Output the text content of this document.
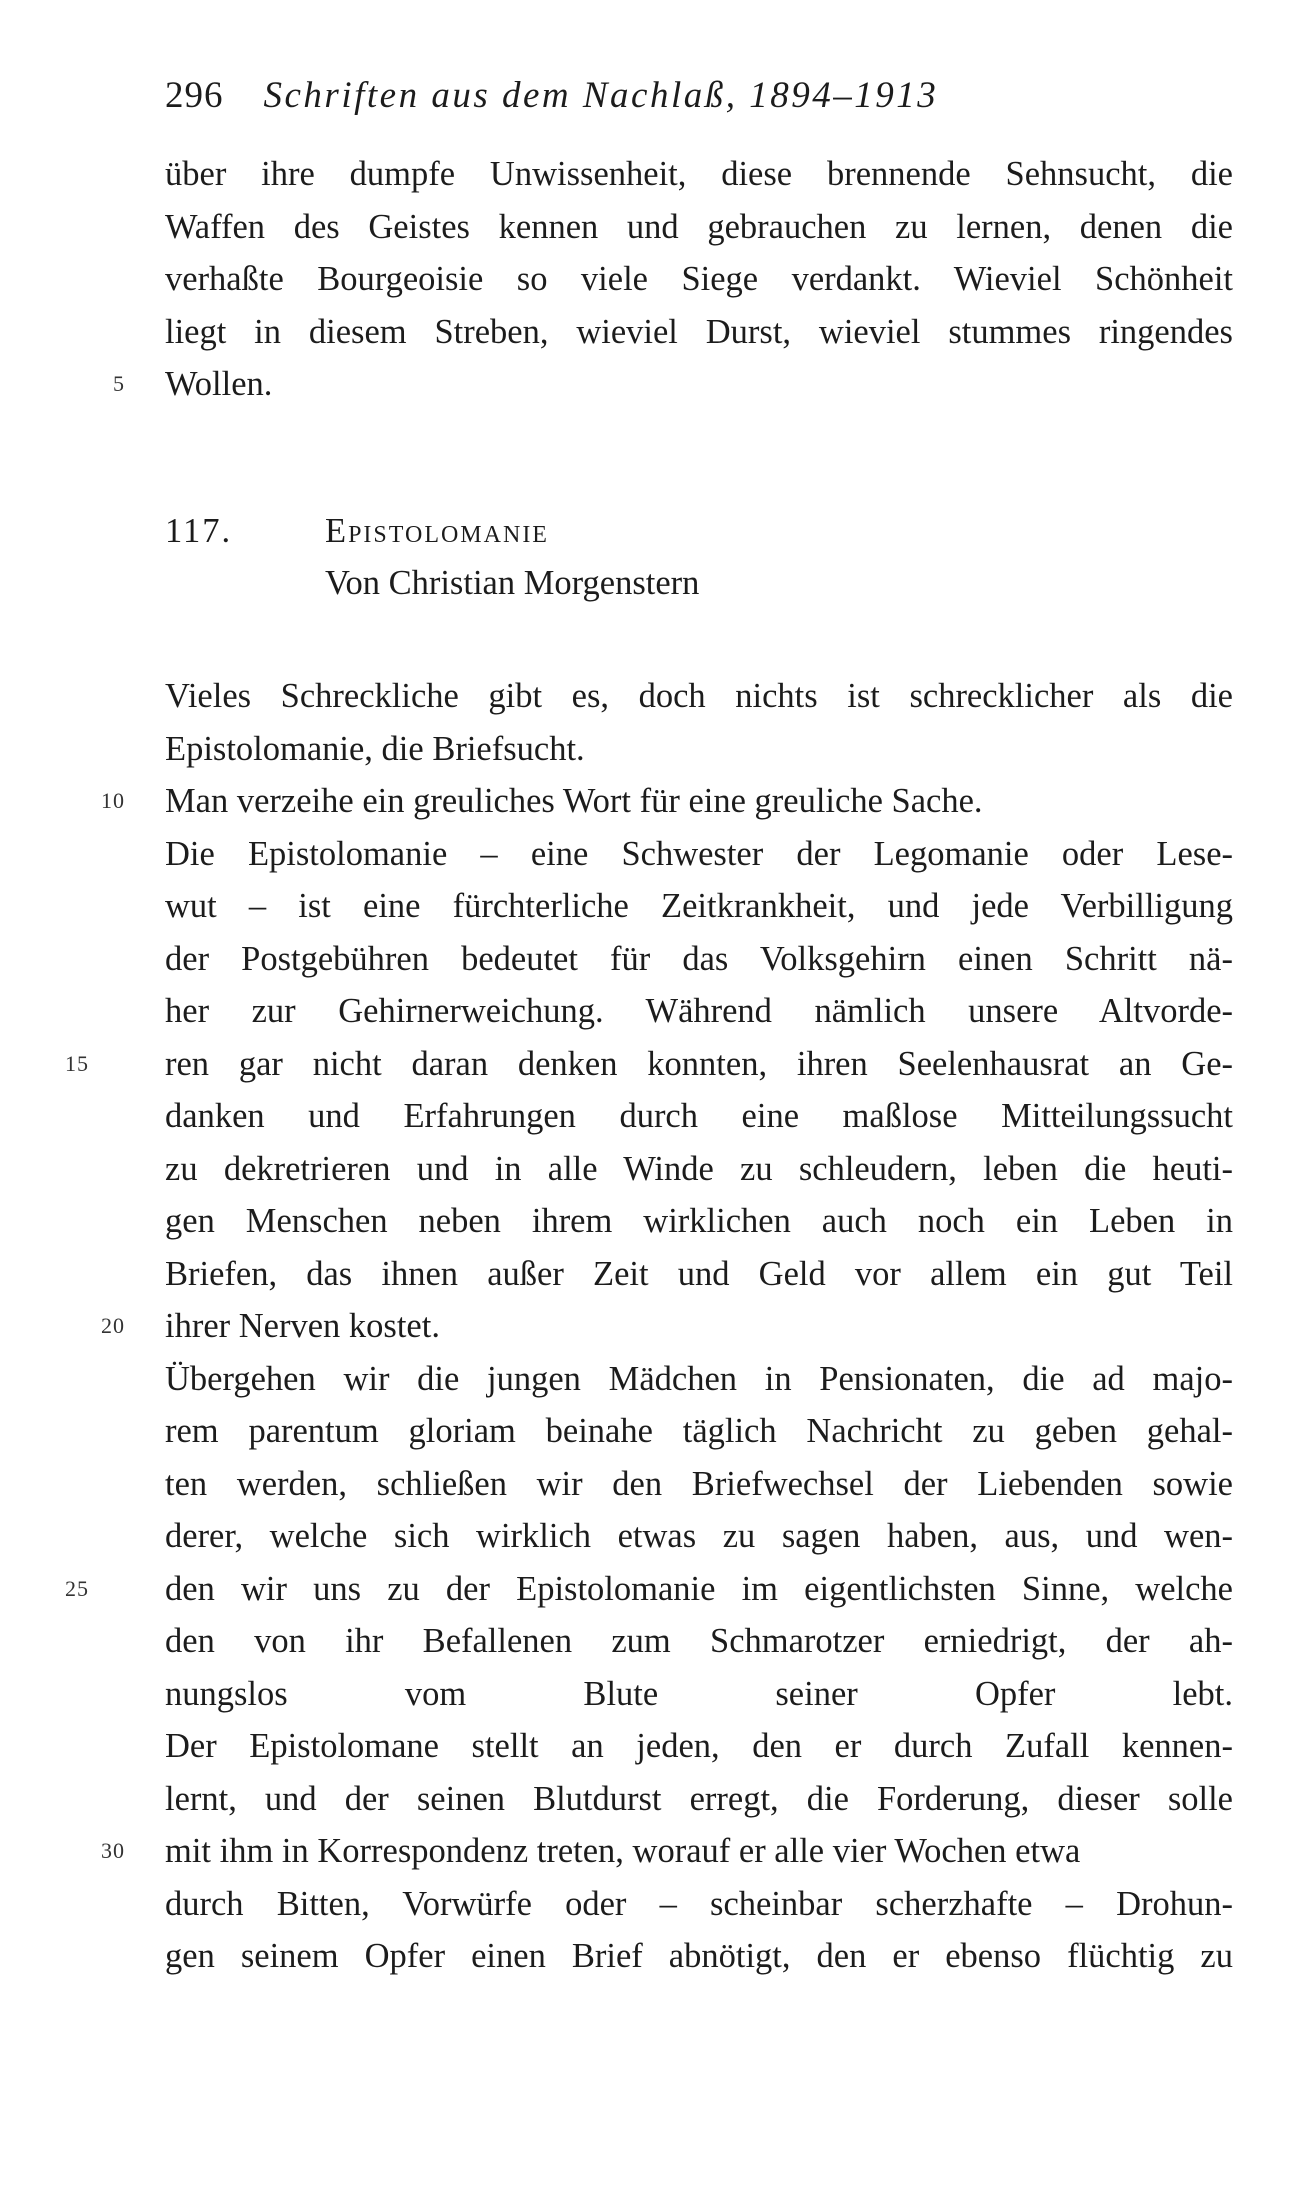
296 Schriften aus dem Nachlaß, 1894–1913
über ihre dumpfe Unwissenheit, diese brennende Sehnsucht, die
Waffen des Geistes kennen und gebrauchen zu lernen, denen die
verhaßte Bourgeoisie so viele Siege verdankt. Wieviel Schönheit
liegt in diesem Streben, wieviel Durst, wieviel stummes ringendes
5 Wollen.
117.	Epistolomanie
Von Christian Morgenstern
Vieles Schreckliche gibt es, doch nichts ist schrecklicher als die
Epistolomanie, die Briefsucht.
10 Man verzeihe ein greuliches Wort für eine greuliche Sache.
Die Epistolomanie – eine Schwester der Legomanie oder Lese-
wut – ist eine fürchterliche Zeitkrankheit, und jede Verbilligung
der Postgebühren bedeutet für das Volksgehirn einen Schritt nä-
her zur Gehirnerweichung. Während nämlich unsere Altvorde-
15	ren gar nicht daran denken konnten, ihren Seelenhausrat an Ge-
danken und Erfahrungen durch eine maßlose Mitteilungssucht
zu dekretrieren und in alle Winde zu schleudern, leben die heuti-
gen Menschen neben ihrem wirklichen auch noch ein Leben in
Briefen, das ihnen außer Zeit und Geld vor allem ein gut Teil
20 ihrer Nerven kostet.
Übergehen wir die jungen Mädchen in Pensionaten, die ad majo-
rem parentum gloriam beinahe täglich Nachricht zu geben gehal-
ten werden, schließen wir den Briefwechsel der Liebenden sowie
derer, welche sich wirklich etwas zu sagen haben, aus, und wen-
25	den wir uns zu der Epistolomanie im eigentlichsten Sinne, welche
den von ihr Befallenen zum Schmarotzer erniedrigt, der ah-
nungslos vom Blute seiner Opfer lebt.
Der Epistolomane stellt an jeden, den er durch Zufall kennen-
lernt, und der seinen Blutdurst erregt, die Forderung, dieser solle
30 mit ihm in Korrespondenz treten, worauf er alle vier Wochen etwa
durch Bitten, Vorwürfe oder – scheinbar scherzhafte – Drohun-
gen seinem Opfer einen Brief abnötigt, den er ebenso flüchtig zu
